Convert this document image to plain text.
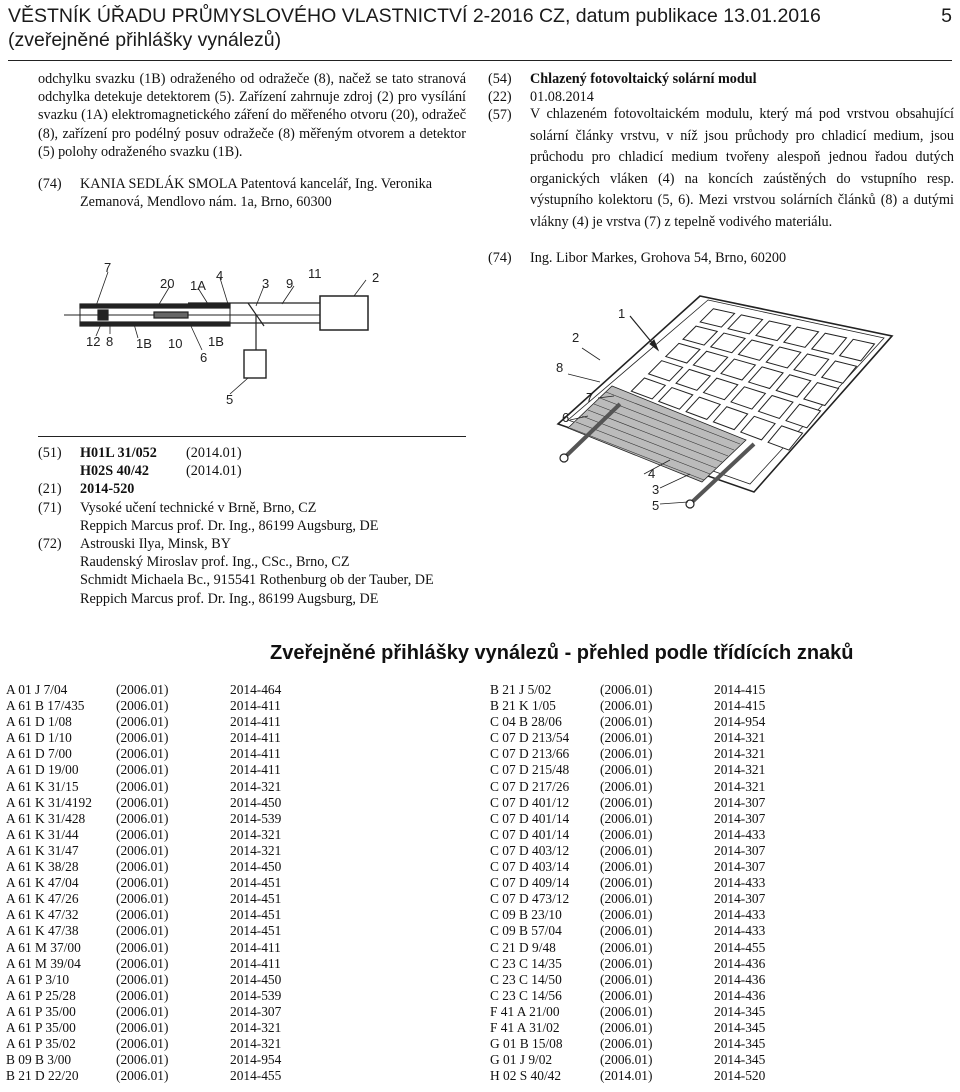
VĚSTNÍK ÚŘADU PRŮMYSLOVÉHO VLASTNICTVÍ 2-2016 CZ, datum publikace 13.01.2016
(zveřejněné přihlášky vynálezů)
5
odchylku svazku (1B) odraženého od odražeče (8), načež se tato stranová odchylka detekuje detektorem (5). Zařízení zahrnuje zdroj (2) pro vysílání svazku (1A) elektromagnetického záření do měřeného otvoru (20), odražeč (8), zařízení pro podélný posuv odražeče (8) měřeným otvorem a detektor (5) polohy odraženého svazku (1B).
(74)	KANIA SEDLÁK SMOLA Patentová kancelář, Ing. Veronika Zemanová, Mendlovo nám. 1a, Brno, 60300
(54)	Chlazený fotovoltaický solární modul
(22)	01.08.2014
(57)	V chlazeném fotovoltaickém modulu, který má pod vrstvou obsahující solární články vrstvu, v níž jsou průchody pro chladicí medium, jsou průchodu pro chladicí medium tvořeny alespoň jednou řadou dutých organických vláken (4) na koncích zaústěných do vstupního resp. výstupního kolektoru (5, 6). Mezi vrstvou solárních článků (8) a dutými vlákny (4) je vrstva (7) z tepelně vodivého materiálu.
(74)	Ing. Libor Markes, Grohova 54, Brno, 60200
7
20 1A
4
3 9
11	2
12 8 1B 10
6
1B
5
1
2
8
7
6
4
3
5
(51) H01L 31/052 (2014.01)
H02S 40/42	(2014.01)
(21) 2014-520
(71) Vysoké učení technické v Brně, Brno, CZ
Reppich Marcus prof. Dr. Ing., 86199 Augsburg, DE
(72) Astrouski Ilya, Minsk, BY
Raudenský Miroslav prof. Ing., CSc., Brno, CZ
Schmidt Michaela Bc., 915541 Rothenburg ob der Tauber, DE
Reppich Marcus prof. Dr. Ing., 86199 Augsburg, DE
Zveřejněné přihlášky vynálezů - přehled podle třídících znaků
A 01 J 7/04	(2006.01)	2014-464
A 61 B 17/435	(2006.01)	2014-411
A 61 D 1/08	(2006.01)	2014-411
A 61 D 1/10	(2006.01)	2014-411
A 61 D 7/00	(2006.01)	2014-411
A 61 D 19/00	(2006.01)	2014-411
A 61 K 31/15	(2006.01)	2014-321
A 61 K 31/4192	(2006.01)	2014-450
A 61 K 31/428	(2006.01)	2014-539
A 61 K 31/44	(2006.01)	2014-321
A 61 K 31/47	(2006.01)	2014-321
A 61 K 38/28	(2006.01)	2014-450
A 61 K 47/04	(2006.01)	2014-451
A 61 K 47/26	(2006.01)	2014-451
A 61 K 47/32	(2006.01)	2014-451
A 61 K 47/38	(2006.01)	2014-451
A 61 M 37/00	(2006.01)	2014-411
A 61 M 39/04	(2006.01)	2014-411
A 61 P 3/10	(2006.01)	2014-450
A 61 P 25/28	(2006.01)	2014-539
A 61 P 35/00	(2006.01)	2014-307
A 61 P 35/00	(2006.01)	2014-321
A 61 P 35/02	(2006.01)	2014-321
B 09 B 3/00	(2006.01)	2014-954
B 21 D 22/20	(2006.01)	2014-455
B 21 J 5/02	(2006.01)	2014-415
B 21 K 1/05	(2006.01)	2014-415
C 04 B 28/06	(2006.01)	2014-954
C 07 D 213/54	(2006.01)	2014-321
C 07 D 213/66	(2006.01)	2014-321
C 07 D 215/48	(2006.01)	2014-321
C 07 D 217/26	(2006.01)	2014-321
C 07 D 401/12	(2006.01)	2014-307
C 07 D 401/14	(2006.01)	2014-307
C 07 D 401/14	(2006.01)	2014-433
C 07 D 403/12	(2006.01)	2014-307
C 07 D 403/14	(2006.01)	2014-307
C 07 D 409/14	(2006.01)	2014-433
C 07 D 473/12	(2006.01)	2014-307
C 09 B 23/10	(2006.01)	2014-433
C 09 B 57/04	(2006.01)	2014-433
C 21 D 9/48	(2006.01)	2014-455
C 23 C 14/35	(2006.01)	2014-436
C 23 C 14/50	(2006.01)	2014-436
C 23 C 14/56	(2006.01)	2014-436
F 41 A 21/00	(2006.01)	2014-345
F 41 A 31/02	(2006.01)	2014-345
G 01 B 15/08	(2006.01)	2014-345
G 01 J 9/02	(2006.01)	2014-345
H 02 S 40/42	(2014.01)	2014-520
